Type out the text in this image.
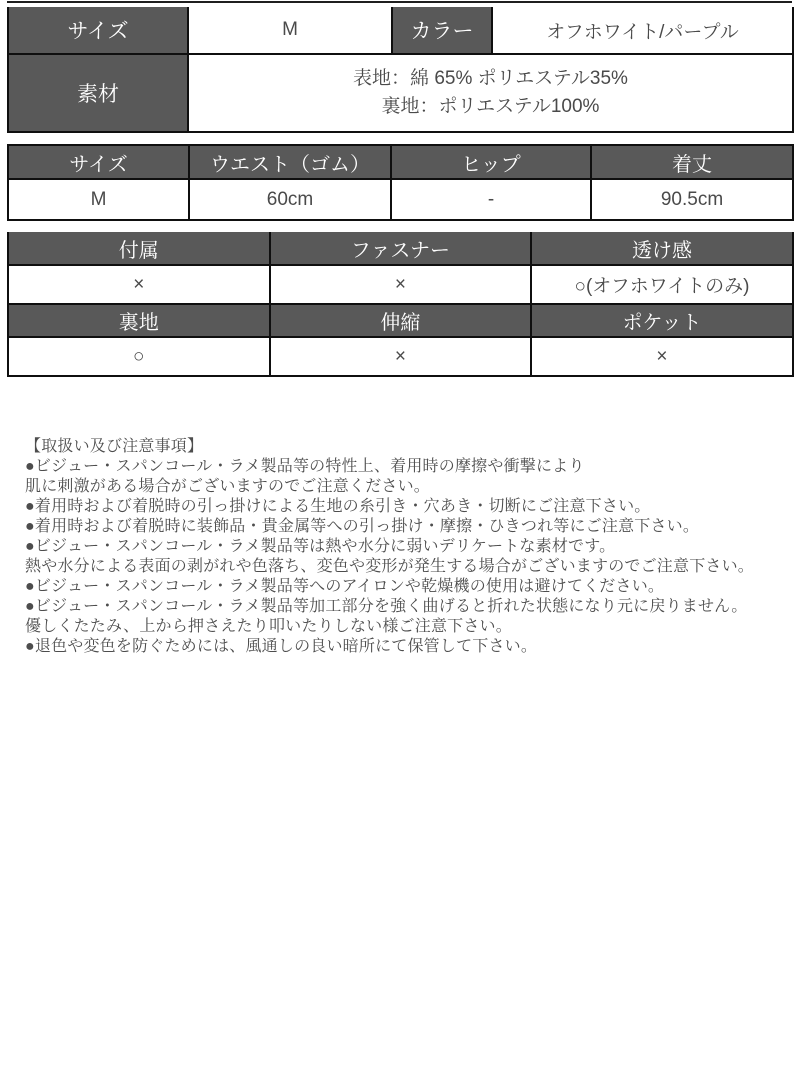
サイズ	M	カラー	オフホワイト/パープル
素材	表地：綿 65% ポリエステル35%
裏地：ポリエステル100%		
サイズ	ウエスト（ゴム）	ヒップ	着丈
M	60cm	-	90.5cm
付属	ファスナー	透け感
×	×	○(オフホワイトのみ)
裏地	伸縮	ポケット
○	×	×
【取扱い及び注意事項】
●ビジュー・スパンコール・ラメ製品等の特性上、着用時の摩擦や衝撃により
肌に刺激がある場合がございますのでご注意ください。
●着用時および着脱時の引っ掛けによる生地の糸引き・穴あき・切断にご注意下さい。
●着用時および着脱時に装飾品・貴金属等への引っ掛け・摩擦・ひきつれ等にご注意下さい。
●ビジュー・スパンコール・ラメ製品等は熱や水分に弱いデリケートな素材です。
熱や水分による表面の剥がれや色落ち、変色や変形が発生する場合がございますのでご注意下さい。
●ビジュー・スパンコール・ラメ製品等へのアイロンや乾燥機の使用は避けてください。
●ビジュー・スパンコール・ラメ製品等加工部分を強く曲げると折れた状態になり元に戻りません。
優しくたたみ、上から押さえたり叩いたりしない様ご注意下さい。
●退色や変色を防ぐためには、風通しの良い暗所にて保管して下さい。
